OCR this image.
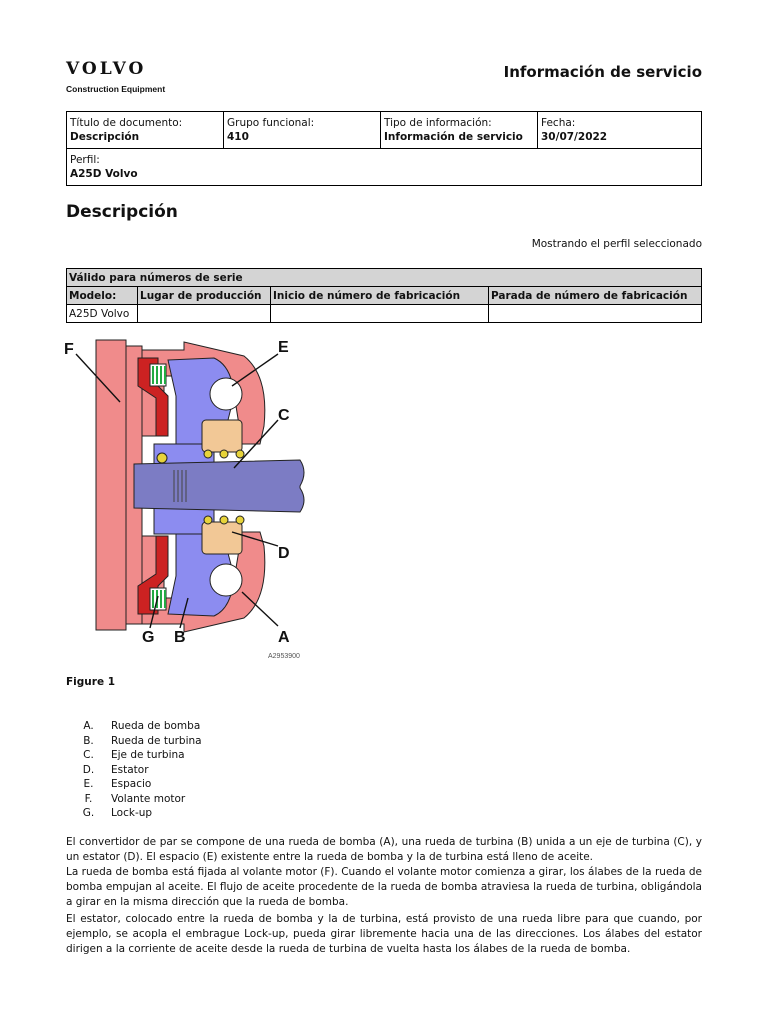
VOLVO
Construction Equipment
Información de servicio
Título de documento:
Descripción

Grupo funcional:
410

Tipo de información:
Información de servicio

Fecha:
30/07/2022

Perfil:
A25D Volvo
Descripción
Mostrando el perfil seleccionado
Válido para números de serie			
Modelo:	Lugar de producción	Inicio de número de fabricación	Parada de número de fabricación
A25D Volvo			
F	E
C
D
A
B
G
A2953900
Figure 1
A.	Rueda de bomba
B.	Rueda de turbina
C.	Eje de turbina
D.	Estator
E.	Espacio
F.	Volante motor
G.	Lock-up

El convertidor de par se compone de una rueda de bomba (A), una rueda de turbina (B) unida a un eje de turbina (C), y un estator (D). El espacio (E) existente entre la rueda de bomba y la de turbina está lleno de aceite.

La rueda de bomba está fijada al volante motor (F). Cuando el volante motor comienza a girar, los álabes de la rueda de bomba empujan al aceite. El flujo de aceite procedente de la rueda de bomba atraviesa la rueda de turbina, obligándola a girar en la misma dirección que la rueda de bomba.

El estator, colocado entre la rueda de bomba y la de turbina, está provisto de una rueda libre para que cuando, por ejemplo, se acopla el embrague Lock-up, pueda girar libremente hacia una de las direcciones. Los álabes del estator dirigen a la corriente de aceite desde la rueda de turbina de vuelta hasta los álabes de la rueda de bomba.
